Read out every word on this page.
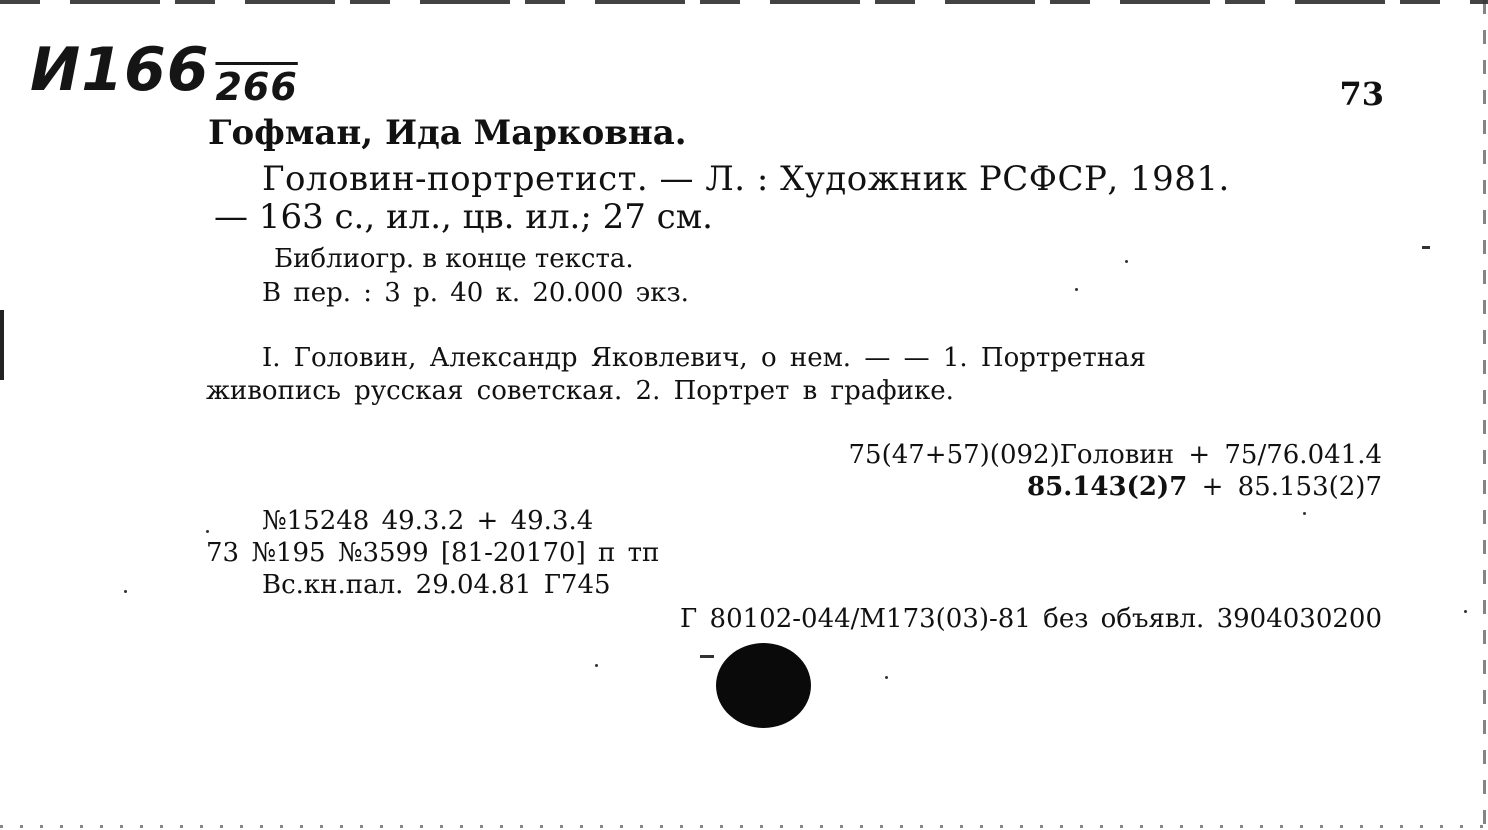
И166 266	73
Гофман, Ида Марковна.
Головин-портретист. — Л. : Художник РСФСР, 1981.
— 163 с., ил., цв. ил.; 27 см.
Библиогр. в конце текста.
В пер. : 3 р. 40 к. 20.000 экз.
I. Головин, Александр Яковлевич, о нем. — — 1. Портретная
живопись русская советская. 2. Портрет в графике.
75(47+57)(092)Головин + 75/76.041.4
85.143(2)7 + 85.153(2)7
№15248 49.3.2 + 49.3.4
73 №195 №3599 [81-20170] п тп
Вс.кн.пал. 29.04.81 Г745
Г 80102-044/М173(03)-81 без объявл. 3904030200
